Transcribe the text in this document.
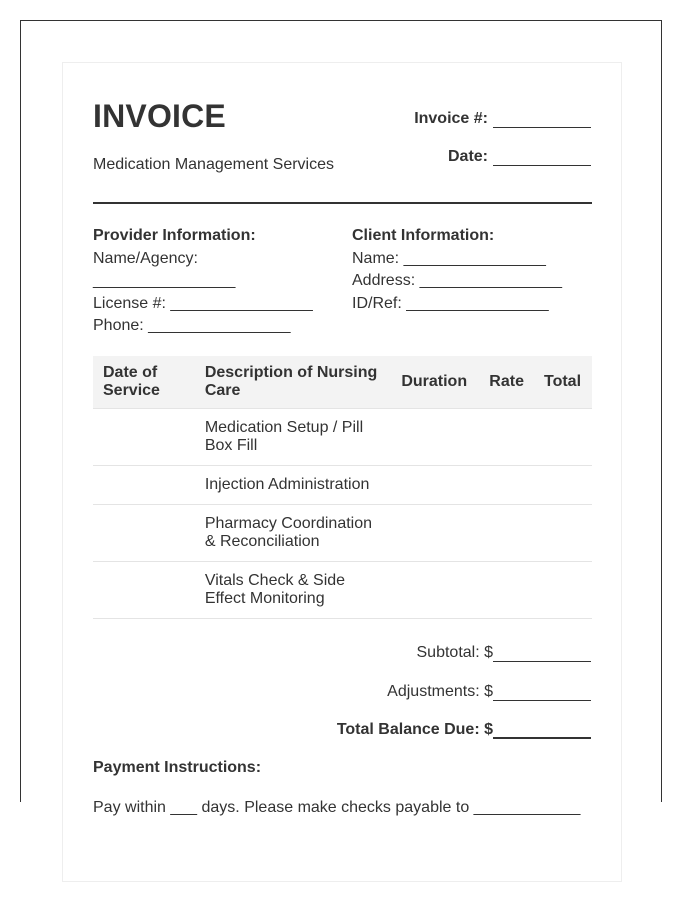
INVOICE
Medication Management Services
Invoice #:
Date:
Provider Information:
Name/Agency:
________________
License #: ________________
Phone: ________________
Client Information:
Name: ________________
Address: ________________
ID/Ref: ________________
Date of Service	Description of Nursing Care	Duration	Rate	Total
	Medication Setup / Pill Box Fill			
	Injection Administration			
	Pharmacy Coordination & Reconciliation			
	Vitals Check & Side Effect Monitoring			
Subtotal: $
Adjustments: $
Total Balance Due: $
Payment Instructions:
Pay within ___ days. Please make checks payable to ____________
